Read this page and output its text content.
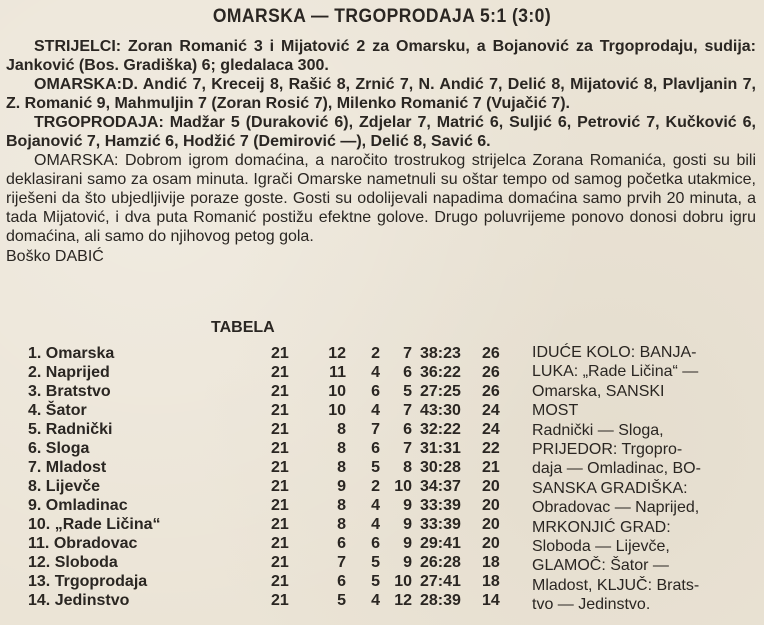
OMARSKA — TRGOPRODAJA 5:1 (3:0)

STRIJELCI: Zoran Romanić 3 i Mijatović 2 za Omarsku, a Bojanović za Trgoprodaju, sudija: Janković (Bos. Gradiška) 6; gledalaca 300.

OMARSKA:D. Andić 7, Kreceij 8, Rašić 8, Zrnić 7, N. Andić 7, Delić 8, Mijatović 8, Plavljanin 7, Z. Romanić 9, Mahmuljin 7 (Zoran Rosić 7), Milenko Romanić 7 (Vujačić 7).

TRGOPRODAJA: Madžar 5 (Duraković 6), Zdjelar 7, Matrić 6, Suljić 6, Petrović 7, Kučković 6, Bojanović 7, Hamzić 6, Hodžić 7 (Demirović —), Delić 8, Savić 6.

OMARSKA: Dobrom igrom domaćina, a naročito trostrukog strijelca Zorana Romanića, gosti su bili deklasirani samo za osam minuta. Igrači Omarske nametnuli su oštar tempo od samog početka utakmice, riješeni da što ubjedljivije poraze goste. Gosti su odolijevali napadima domaćina samo prvih 20 minuta, a tada Mijatović, i dva puta Romanić postižu efektne golove. Drugo poluvrijeme ponovo donosi dobru igru domaćina, ali samo do njihovog petog gola.

Boško DABIĆ

TABELA
1. Omarska	21	12	2	7	38:23	26
2. Naprijed	21	11	4	6	36:22	26
3. Bratstvo	21	10	6	5	27:25	26
4. Šator	21	10	4	7	43:30	24
5. Radnički	21	8	7	6	32:22	24
6. Sloga	21	8	6	7	31:31	22
7. Mladost	21	8	5	8	30:28	21
8. Lijevče	21	9	2	10	34:37	20
9. Omladinac	21	8	4	9	33:39	20
10. „Rade Ličina“	21	8	4	9	33:39	20
11. Obradovac	21	6	6	9	29:41	20
12. Sloboda	21	7	5	9	26:28	18
13. Trgoprodaja	21	6	5	10	27:41	18
14. Jedinstvo	21	5	4	12	28:39	14

IDUĆE KOLO: BANJA-
LUKA: „Rade Ličina“ —
Omarska, SANSKI
MOST
Radnički — Sloga,
PRIJEDOR: Trgopro-
daja — Omladinac, BO-
SANSKA GRADIŠKA:
Obradovac — Naprijed,
MRKONJIĆ GRAD:
Sloboda — Lijevče,
GLAMOČ: Šator —
Mladost, KLJUČ: Brats-
tvo — Jedinstvo.
